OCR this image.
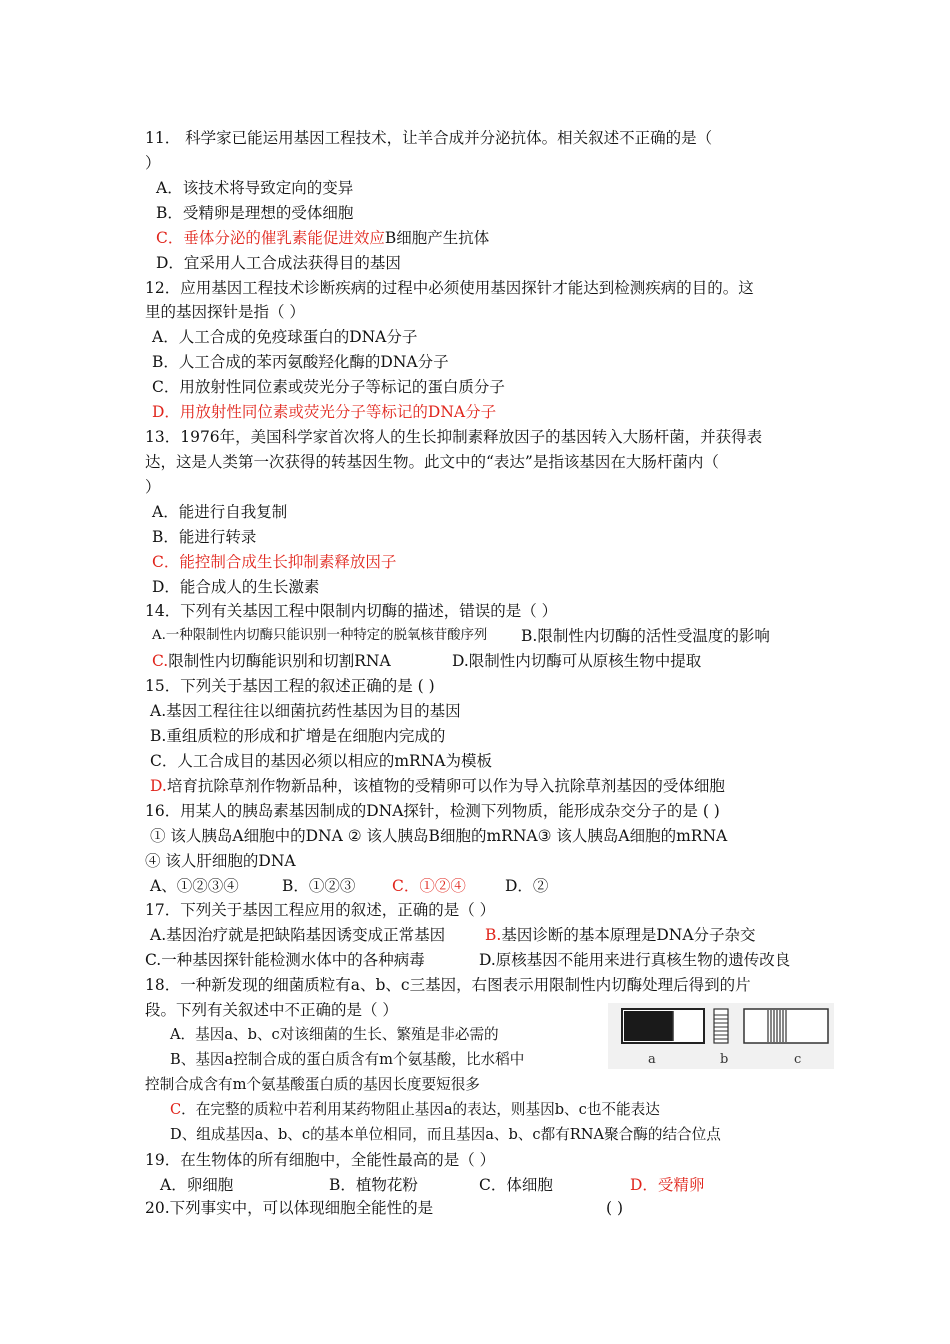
11． 科学家已能运用基因工程技术，让羊合成并分泌抗体。相关叙述不正确的是（
）
A．该技术将导致定向的变异
B．受精卵是理想的受体细胞
C．垂体分泌的催乳素能促进效应B细胞产生抗体
D．宜采用人工合成法获得目的基因
12．应用基因工程技术诊断疾病的过程中必须使用基因探针才能达到检测疾病的目的。这
里的基因探针是指（ ）
A．人工合成的免疫球蛋白的DNA分子
B．人工合成的苯丙氨酸羟化酶的DNA分子
C．用放射性同位素或荧光分子等标记的蛋白质分子
D．用放射性同位素或荧光分子等标记的DNA分子
13．1976年，美国科学家首次将人的生长抑制素释放因子的基因转入大肠杆菌，并获得表
达，这是人类第一次获得的转基因生物。此文中的“表达”是指该基因在大肠杆菌内（
）
A．能进行自我复制
B．能进行转录
C．能控制合成生长抑制素释放因子
D．能合成人的生长激素
14．下列有关基因工程中限制内切酶的描述，错误的是（ ）
A.一种限制性内切酶只能识别一种特定的脱氧核苷酸序列 B.限制性内切酶的活性受温度的影响
C.限制性内切酶能识别和切割RNA	D.限制性内切酶可从原核生物中提取
15．下列关于基因工程的叙述正确的是 ( )
A.基因工程往往以细菌抗药性基因为目的基因
B.重组质粒的形成和扩增是在细胞内完成的
C．人工合成目的基因必须以相应的mRNA为模板
D.培育抗除草剂作物新品种，该植物的受精卵可以作为导入抗除草剂基因的受体细胞
16．用某人的胰岛素基因制成的DNA探针，检测下列物质，能形成杂交分子的是 ( )
① 该人胰岛A细胞中的DNA ② 该人胰岛B细胞的mRNA③ 该人胰岛A细胞的mRNA
④ 该人肝细胞的DNA
A、①②③④	B．①②③ C．①②④	D．②
17．下列关于基因工程应用的叙述，正确的是（ ）
A.基因治疗就是把缺陷基因诱变成正常基因	B.基因诊断的基本原理是DNA分子杂交
C.一种基因探针能检测水体中的各种病毒	D.原核基因不能用来进行真核生物的遗传改良
18．一种新发现的细菌质粒有a、b、c三基因，右图表示用限制性内切酶处理后得到的片
段。下列有关叙述中不正确的是（ ）
A．基因a、b、c对该细菌的生长、繁殖是非必需的
B、基因a控制合成的蛋白质含有m个氨基酸，比水稻中
控制合成含有m个氨基酸蛋白质的基因长度要短很多
C．在完整的质粒中若利用某药物阻止基因a的表达，则基因b、c也不能表达
D、组成基因a、b、c的基本单位相同，而且基因a、b、c都有RNA聚合酶的结合位点
a	b	c
19．在生物体的所有细胞中，全能性最高的是（ ）
A．卵细胞	B．植物花粉	C．体细胞	D．受精卵
20.下列事实中，可以体现细胞全能性的是	( )
